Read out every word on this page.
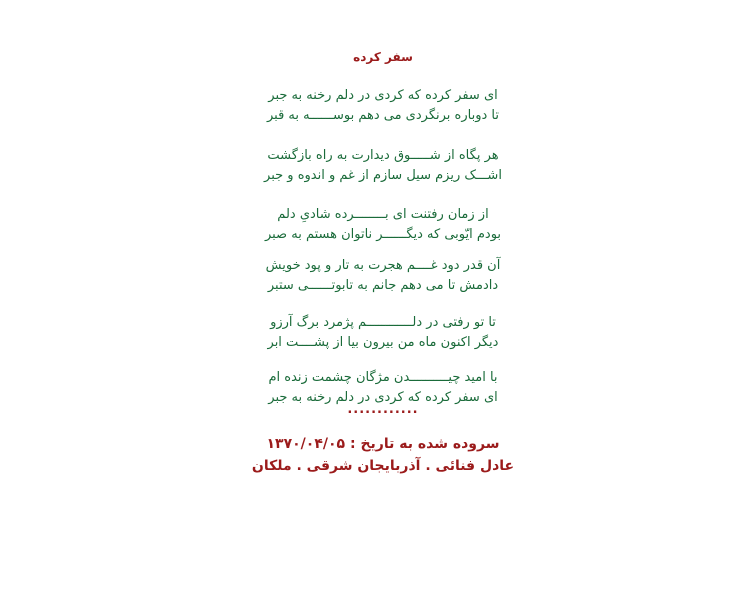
سفر کرده
ای سفر کرده که کردی در دلم رخنه به جبر
تا دوباره برنگردی می دهم بوســــــه به قبر
هر پگاه از شـــــوق دیدارت به راه بازگشت
اشـــک ریزم سیل سازم از غم و اندوه و جبر
از زمان رفتنت ای بــــــــرده شادیِ دلم
بودم ایّوبی که دیگــــــر ناتوان هستم به صبر
آن قدر دود غــــم هجرت به تار و پود خویش
دادمش تا می دهم جانم به تابوتــــــی ستبر
تا تو رفتی در دلــــــــــــم پژمرد برگ آرزو
دیگر اکنون ماه من بیرون بیا از پشــــت ابر
با امید چیــــــــــدن مژگان چشمت زنده ام
ای سفر کرده که کردی در دلم رخنه به جبر
............
سروده شده به تاریخ : ۱۳۷۰/۰۴/۰۵
عادل فنائی . آذربایجان شرقی . ملکان
